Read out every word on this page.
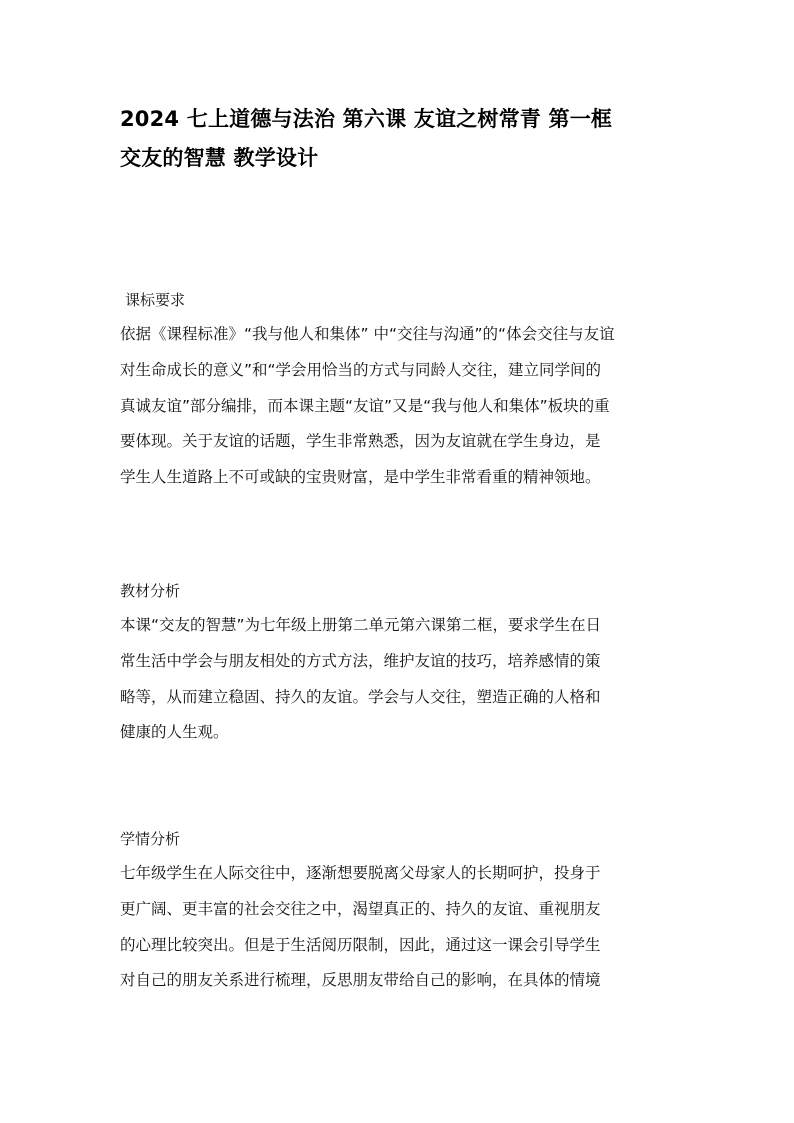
2024 七上道德与法治 第六课 友谊之树常青 第一框
交友的智慧 教学设计
课标要求

依据《课程标准》“我与他人和集体” 中“交往与沟通”的“体会交往与友谊
对生命成长的意义”和“学会用恰当的方式与同龄人交往，建立同学间的
真诚友谊”部分编排，而本课主题“友谊”又是“我与他人和集体”板块的重
要体现。关于友谊的话题，学生非常熟悉，因为友谊就在学生身边，是
学生人生道路上不可或缺的宝贵财富，是中学生非常看重的精神领地。

教材分析

本课“交友的智慧”为七年级上册第二单元第六课第二框，要求学生在日
常生活中学会与朋友相处的方式方法，维护友谊的技巧，培养感情的策
略等，从而建立稳固、持久的友谊。学会与人交往，塑造正确的人格和
健康的人生观。

学情分析

七年级学生在人际交往中，逐渐想要脱离父母家人的长期呵护，投身于
更广阔、更丰富的社会交往之中，渴望真正的、持久的友谊、重视朋友
的心理比较突出。但是于生活阅历限制，因此，通过这一课会引导学生
对自己的朋友关系进行梳理，反思朋友带给自己的影响，在具体的情境
